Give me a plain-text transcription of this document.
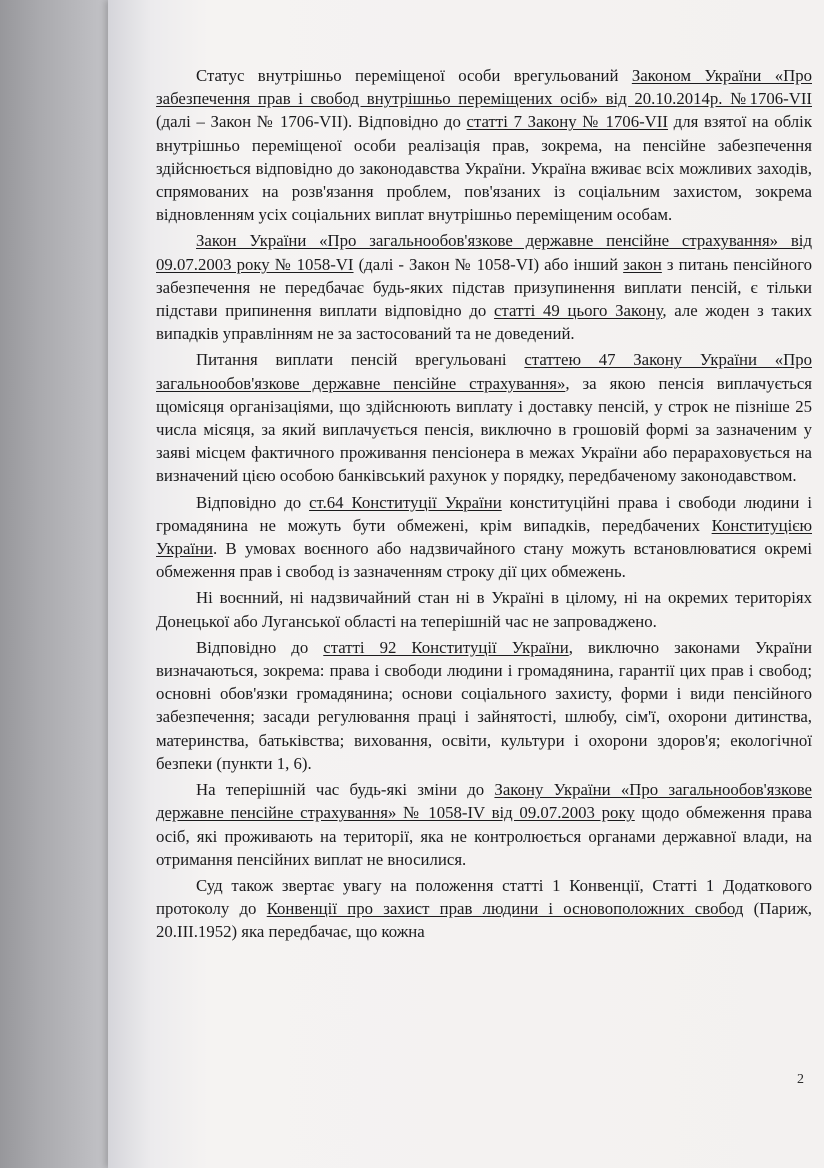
Статус внутрішньо переміщеної особи врегульований Законом України «Про забезпечення прав і свобод внутрішньо переміщених осіб» від 20.10.2014р. №1706-VII (далі – Закон № 1706-VII). Відповідно до статті 7 Закону № 1706-VII для взятої на облік внутрішньо переміщеної особи реалізація прав, зокрема, на пенсійне забезпечення здійснюється відповідно до законодавства України. Україна вживає всіх можливих заходів, спрямованих на розв'язання проблем, пов'язаних із соціальним захистом, зокрема відновленням усіх соціальних виплат внутрішньо переміщеним особам.

Закон України «Про загальнообов'язкове державне пенсійне страхування» від 09.07.2003 року № 1058-VI (далі - Закон № 1058-VI) або інший закон з питань пенсійного забезпечення не передбачає будь-яких підстав призупинення виплати пенсій, є тільки підстави припинення виплати відповідно до статті 49 цього Закону, але жоден з таких випадків управлінням не за застосований та не доведений.

Питання виплати пенсій врегульовані статтею 47 Закону України «Про загальнообов'язкове державне пенсійне страхування», за якою пенсія виплачується щомісяця організаціями, що здійснюють виплату і доставку пенсій, у строк не пізніше 25 числа місяця, за який виплачується пенсія, виключно в грошовій формі за зазначеним у заяві місцем фактичного проживання пенсіонера в межах України або перараховується на визначений цією особою банківський рахунок у порядку, передбаченому законодавством.

Відповідно до ст.64 Конституції України конституційні права і свободи людини і громадянина не можуть бути обмежені, крім випадків, передбачених Конституцією України. В умовах воєнного або надзвичайного стану можуть встановлюватися окремі обмеження прав і свобод із зазначенням строку дії цих обмежень.

Ні воєнний, ні надзвичайний стан ні в Україні в цілому, ні на окремих територіях Донецької або Луганської області на теперішній час не запроваджено.

Відповідно до статті 92 Конституції України, виключно законами України визначаються, зокрема: права і свободи людини і громадянина, гарантії цих прав і свобод; основні обов'язки громадянина; основи соціального захисту, форми і види пенсійного забезпечення; засади регулювання праці і зайнятості, шлюбу, сім'ї, охорони дитинства, материнства, батьківства; виховання, освіти, культури і охорони здоров'я; екологічної безпеки (пункти 1, 6).

На теперішній час будь-які зміни до Закону України «Про загальнообов'язкове державне пенсійне страхування» № 1058-IV від 09.07.2003 року щодо обмеження права осіб, які проживають на території, яка не контролюється органами державної влади, на отримання пенсійних виплат не вносилися.

Суд також звертає увагу на положення статті 1 Конвенції, Статті 1 Додаткового протоколу до Конвенції про захист прав людини і основоположних свобод (Париж, 20.III.1952) яка передбачає, що кожна

2
